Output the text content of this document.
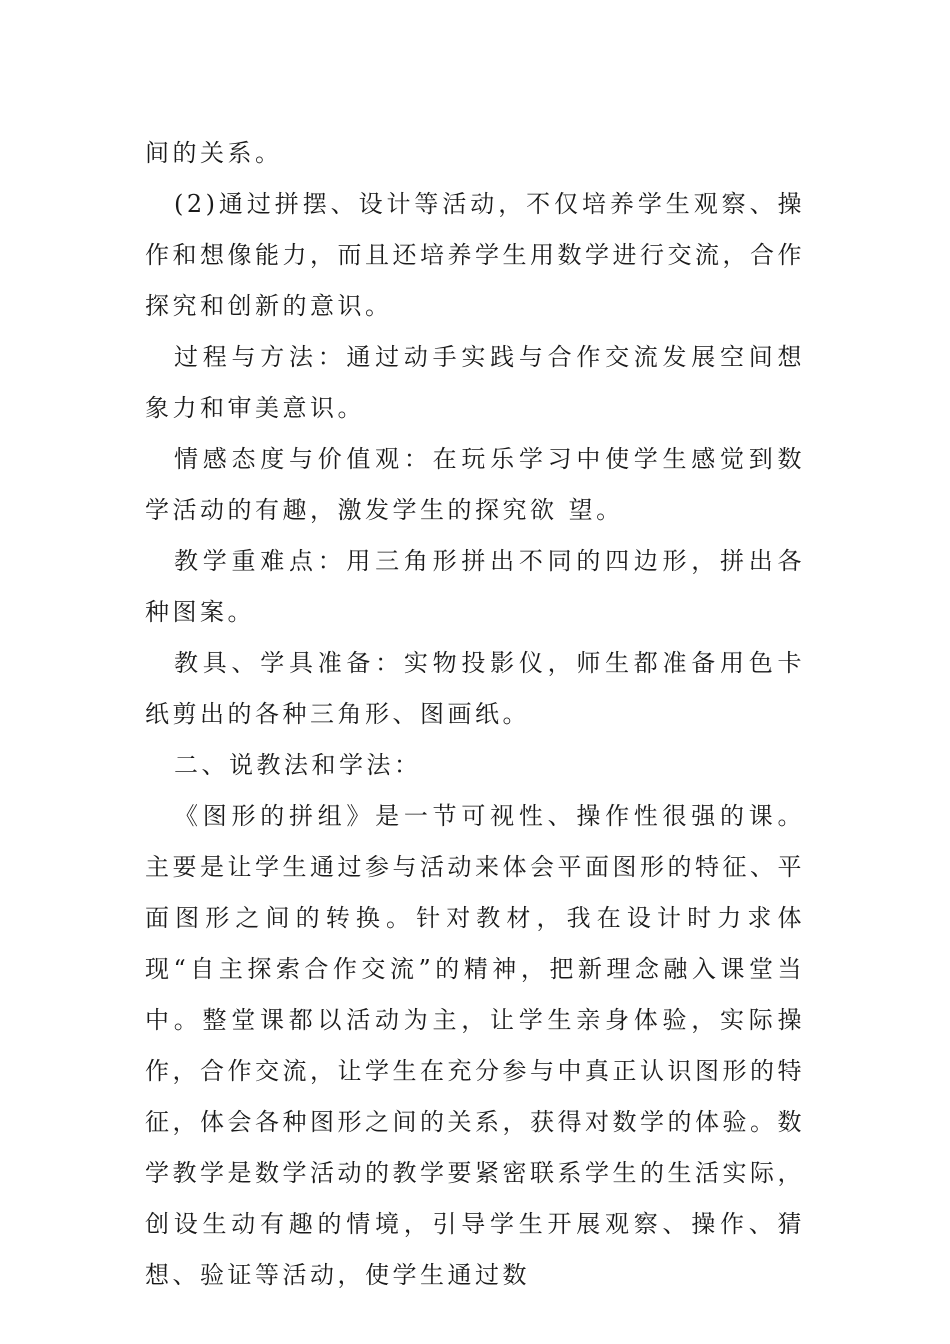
间的关系。

(2)通过拼摆、设计等活动，不仅培养学生观察、操作和想像能力，而且还培养学生用数学进行交流，合作探究和创新的意识。

过程与方法：通过动手实践与合作交流发展空间想象力和审美意识。

情感态度与价值观：在玩乐学习中使学生感觉到数学活动的有趣，激发学生的探究欲 望。

教学重难点：用三角形拼出不同的四边形，拼出各种图案。

教具、学具准备：实物投影仪，师生都准备用色卡纸剪出的各种三角形、图画纸。

二、说教法和学法：

《图形的拼组》是一节可视性、操作性很强的课。主要是让学生通过参与活动来体会平面图形的特征、平面图形之间的转换。针对教材，我在设计时力求体现“自主探索合作交流”的精神，把新理念融入课堂当中。整堂课都以活动为主，让学生亲身体验，实际操作，合作交流，让学生在充分参与中真正认识图形的特征，体会各种图形之间的关系，获得对数学的体验。数学教学是数学活动的教学要紧密联系学生的生活实际，创设生动有趣的情境，引导学生开展观察、操作、猜想、验证等活动，使学生通过数
